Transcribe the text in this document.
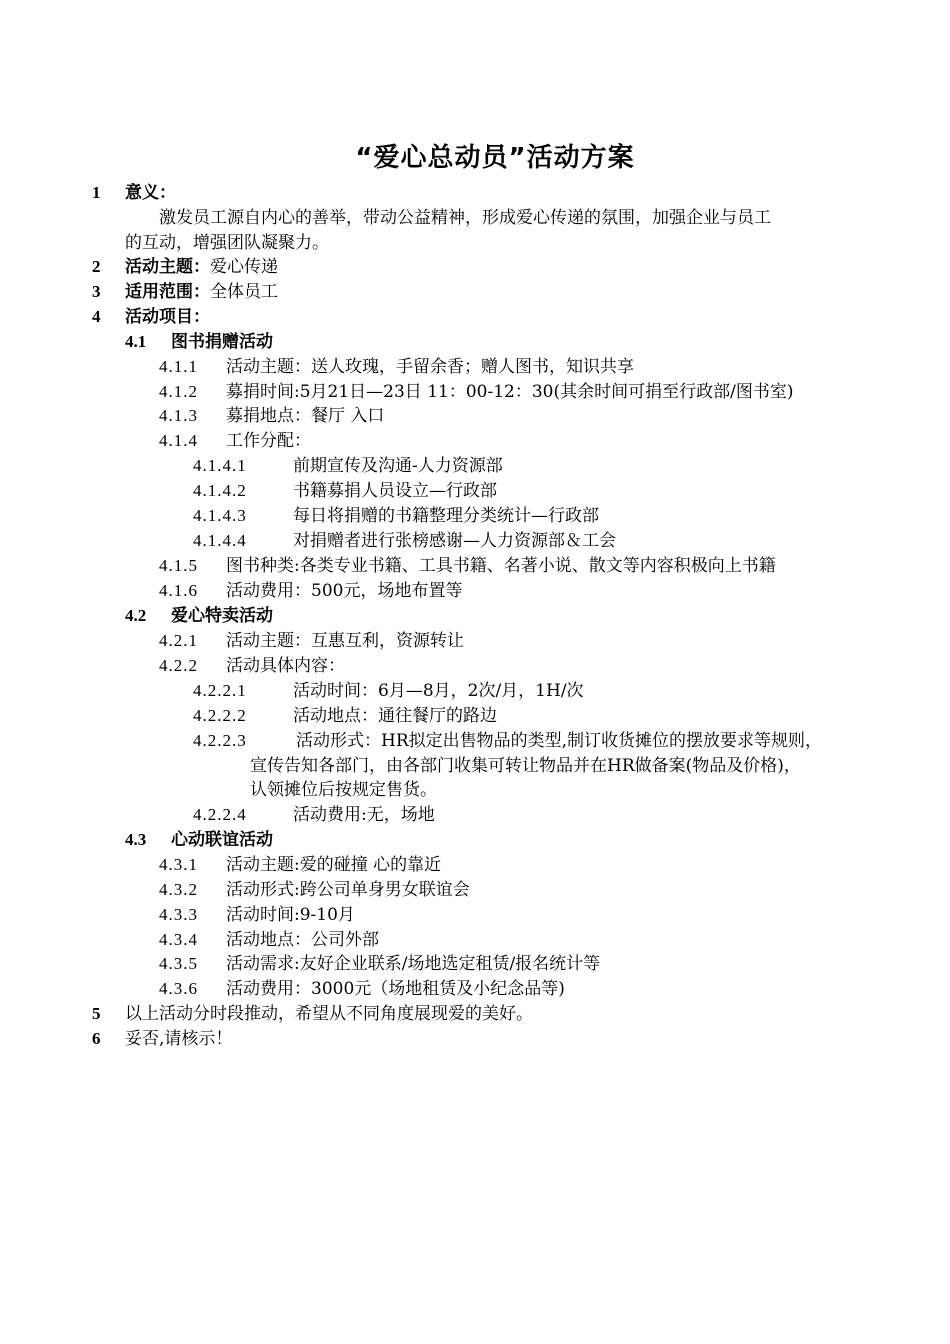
“爱心总动员”活动方案
1 意义：
激发员工源自内心的善举，带动公益精神，形成爱心传递的氛围，加强企业与员工
的互动，增强团队凝聚力。
2 活动主题：爱心传递
3 适用范围：全体员工
4 活动项目：
4.1 图书捐赠活动
4.1.1 活动主题：送人玫瑰，手留余香；赠人图书，知识共享
4.1.2 募捐时间:5月21日—23日 11：00-12：30(其余时间可捐至行政部/图书室)
4.1.3 募捐地点：餐厅 入口
4.1.4 工作分配：
4.1.4.1	前期宣传及沟通-人力资源部
4.1.4.2	书籍募捐人员设立—行政部
4.1.4.3	每日将捐赠的书籍整理分类统计—行政部
4.1.4.4	对捐赠者进行张榜感谢—人力资源部＆工会
4.1.5 图书种类:各类专业书籍、工具书籍、名著小说、散文等内容积极向上书籍
4.1.6 活动费用：500元，场地布置等
4.2 爱心特卖活动
4.2.1 活动主题：互惠互利，资源转让
4.2.2 活动具体内容：
4.2.2.1	活动时间：6月—8月，2次/月，1H/次
4.2.2.2	活动地点：通往餐厅的路边
4.2.2.3	活动形式：HR拟定出售物品的类型,制订收货摊位的摆放要求等规则，
宣传告知各部门，由各部门收集可转让物品并在HR做备案(物品及价格)，
认领摊位后按规定售货。
4.2.2.4	活动费用:无，场地
4.3 心动联谊活动
4.3.1 活动主题:爱的碰撞 心的靠近
4.3.2 活动形式:跨公司单身男女联谊会
4.3.3 活动时间:9-10月
4.3.4 活动地点：公司外部
4.3.5 活动需求:友好企业联系/场地选定租赁/报名统计等
4.3.6 活动费用：3000元（场地租赁及小纪念品等)
5 以上活动分时段推动，希望从不同角度展现爱的美好。
6 妥否,请核示！
